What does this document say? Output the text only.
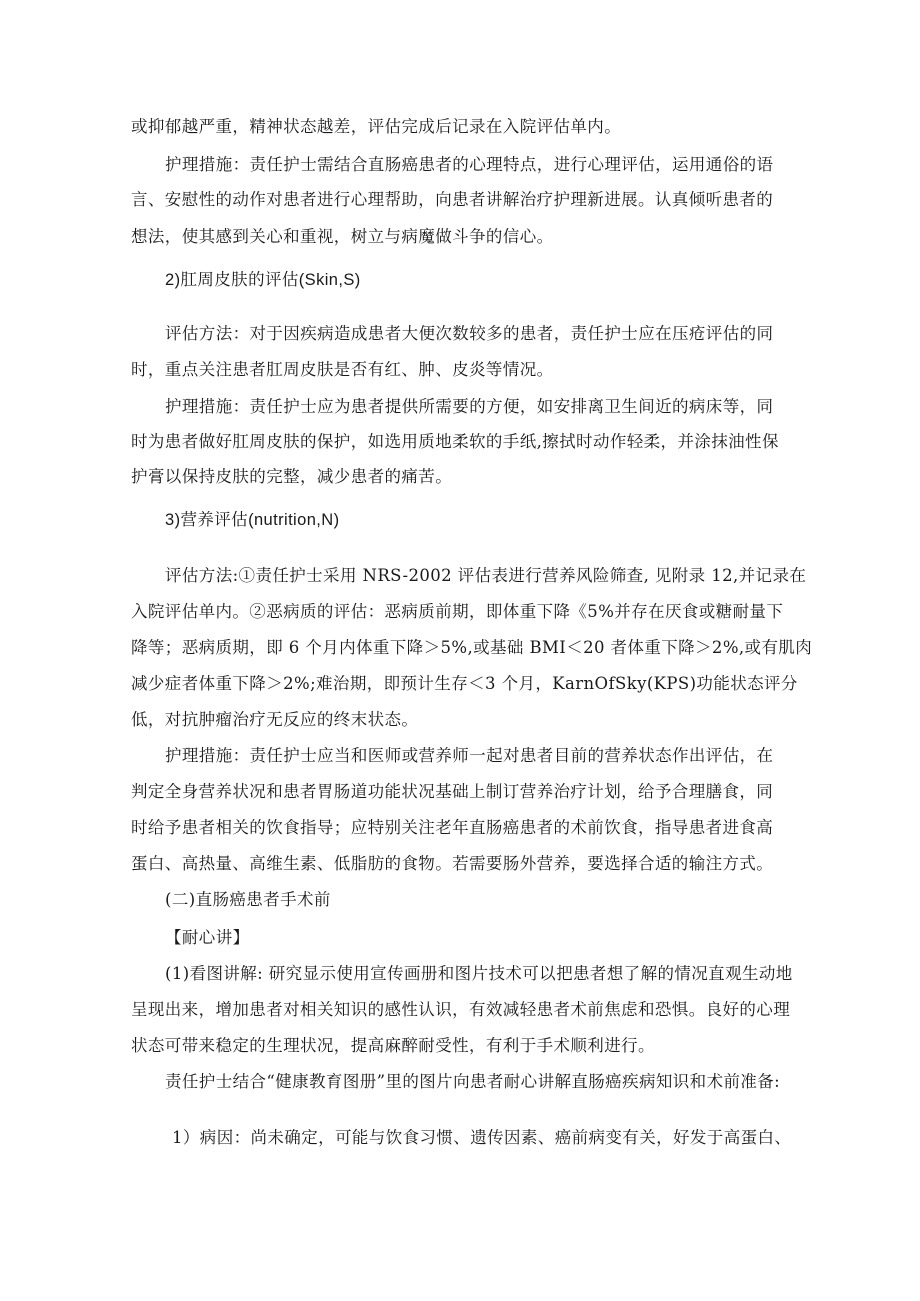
或抑郁越严重，精神状态越差，评估完成后记录在入院评估单内。
护理措施：责任护士需结合直肠癌患者的心理特点，进行心理评估，运用通俗的语
言、安慰性的动作对患者进行心理帮助，向患者讲解治疗护理新进展。认真倾听患者的
想法，使其感到关心和重视，树立与病魔做斗争的信心。
2)肛周皮肤的评估(Skin,S)
评估方法：对于因疾病造成患者大便次数较多的患者，责任护士应在压疮评估的同
时，重点关注患者肛周皮肤是否有红、肿、皮炎等情况。
护理措施：责任护士应为患者提供所需要的方便，如安排离卫生间近的病床等，同
时为患者做好肛周皮肤的保护，如选用质地柔软的手纸,擦拭时动作轻柔，并涂抹油性保
护膏以保持皮肤的完整，减少患者的痛苦。
3)营养评估(nutrition,N)
评估方法:①责任护士采用 NRS-2002 评估表进行营养风险筛查, 见附录 12,并记录在
入院评估单内。②恶病质的评估：恶病质前期，即体重下降《5%并存在厌食或糖耐量下
降等；恶病质期，即 6 个月内体重下降＞5%,或基础 BMI＜20 者体重下降＞2%,或有肌肉
减少症者体重下降＞2%;难治期，即预计生存＜3 个月，KarnOfSky(KPS)功能状态评分
低，对抗肿瘤治疗无反应的终末状态。
护理措施：责任护士应当和医师或营养师一起对患者目前的营养状态作出评估，在
判定全身营养状况和患者胃肠道功能状况基础上制订营养治疗计划，给予合理膳食，同
时给予患者相关的饮食指导；应特别关注老年直肠癌患者的术前饮食，指导患者进食高
蛋白、高热量、高维生素、低脂肪的食物。若需要肠外营养，要选择合适的输注方式。
(二)直肠癌患者手术前
【耐心讲】
(1)看图讲解: 研究显示使用宣传画册和图片技术可以把患者想了解的情况直观生动地
呈现出来，增加患者对相关知识的感性认识，有效减轻患者术前焦虑和恐惧。良好的心理
状态可带来稳定的生理状况，提高麻醉耐受性，有利于手术顺利进行。
责任护士结合“健康教育图册”里的图片向患者耐心讲解直肠癌疾病知识和术前准备:
1）病因：尚未确定，可能与饮食习惯、遗传因素、癌前病变有关，好发于高蛋白、
